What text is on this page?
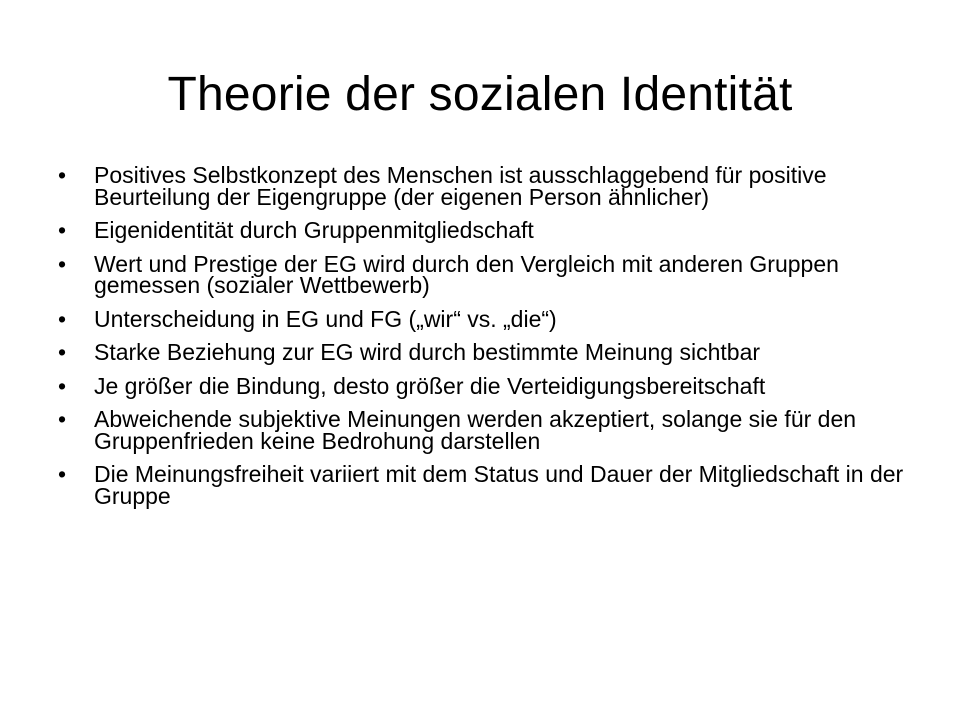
Theorie der sozialen Identität
•	Positives Selbstkonzept des Menschen ist ausschlaggebend für positive Beurteilung der Eigengruppe (der eigenen Person ähnlicher)
•	Eigenidentität durch Gruppenmitgliedschaft
•	Wert und Prestige der EG wird durch den Vergleich mit anderen Gruppen gemessen (sozialer Wettbewerb)
•	Unterscheidung in EG und FG („wir“ vs. „die“)
•	Starke Beziehung zur EG wird durch bestimmte Meinung sichtbar
•	Je größer die Bindung, desto größer die Verteidigungsbereitschaft
•	Abweichende subjektive Meinungen werden akzeptiert, solange sie für den Gruppenfrieden keine Bedrohung darstellen
•	Die Meinungsfreiheit variiert mit dem Status und Dauer der Mitgliedschaft in der Gruppe
